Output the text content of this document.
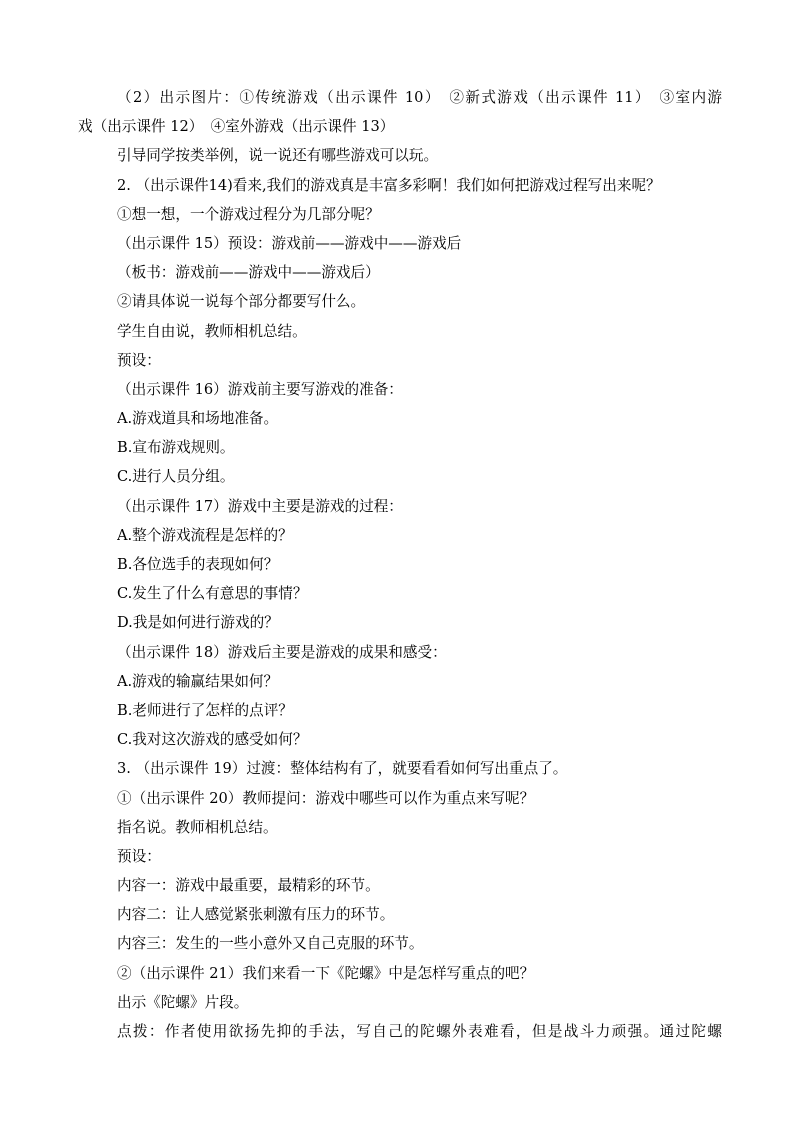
（2）出示图片：①传统游戏（出示课件 10）　②新式游戏（出示课件 11）　③室内游
戏（出示课件 12）　④室外游戏（出示课件 13）
引导同学按类举例，说一说还有哪些游戏可以玩。
2. （出示课件14)看来,我们的游戏真是丰富多彩啊！我们如何把游戏过程写出来呢？
①想一想，一个游戏过程分为几部分呢？
（出示课件 15）预设：游戏前——游戏中——游戏后
（板书：游戏前——游戏中——游戏后）
②请具体说一说每个部分都要写什么。
学生自由说，教师相机总结。
预设：
（出示课件 16）游戏前主要写游戏的准备：
A.游戏道具和场地准备。
B.宣布游戏规则。
C.进行人员分组。
（出示课件 17）游戏中主要是游戏的过程：
A.整个游戏流程是怎样的？
B.各位选手的表现如何？
C.发生了什么有意思的事情？
D.我是如何进行游戏的？
（出示课件 18）游戏后主要是游戏的成果和感受：
A.游戏的输赢结果如何？
B.老师进行了怎样的点评？
C.我对这次游戏的感受如何？
3. （出示课件 19）过渡：整体结构有了，就要看看如何写出重点了。
①（出示课件 20）教师提问：游戏中哪些可以作为重点来写呢？
指名说。教师相机总结。
预设：
内容一：游戏中最重要，最精彩的环节。
内容二：让人感觉紧张刺激有压力的环节。
内容三：发生的一些小意外又自己克服的环节。
②（出示课件 21）我们来看一下《陀螺》中是怎样写重点的吧？
出示《陀螺》片段。
点拨：作者使用欲扬先抑的手法，写自己的陀螺外表难看，但是战斗力顽强。通过陀螺
